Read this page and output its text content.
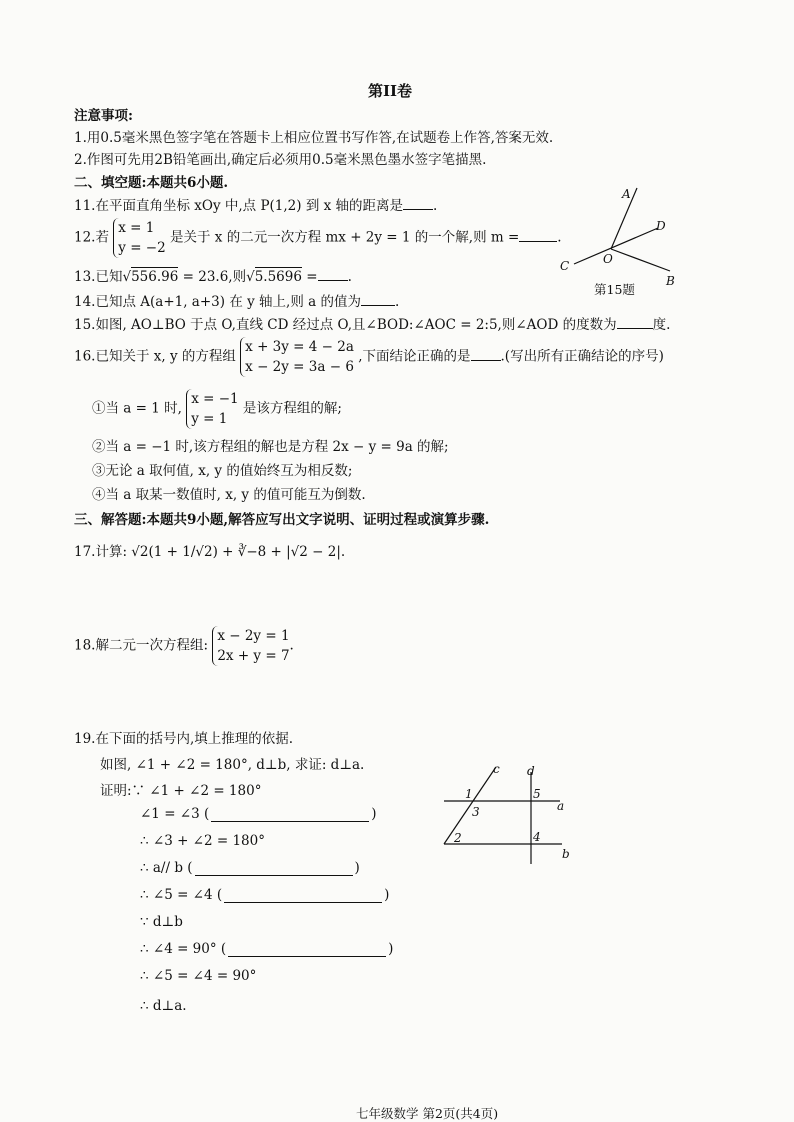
第II卷
注意事项:
1.用0.5毫米黑色签字笔在答题卡上相应位置书写作答,在试题卷上作答,答案无效.
2.作图可先用2B铅笔画出,确定后必须用0.5毫米黑色墨水签字笔描黑.
二、填空题:本题共6小题.
11.在平面直角坐标 xOy 中,点 P(1,2) 到 x 轴的距离是 .
12.若 x = 1
y = −2 是关于 x 的二元一次方程 mx + 2y = 1 的一个解,则 m =	.
13.已知√556.96 = 23.6,则√5.5696 = .
14.已知点 A(a+1, a+3) 在 y 轴上,则 a 的值为	.
15.如图, AO⊥BO 于点 O,直线 CD 经过点 O,且∠BOD:∠AOC = 2:5,则∠AOD 的度数为	度.
16.已知关于 x, y 的方程组 x + 3y = 4 − 2a
x − 2y = 3a − 6 ,下面结论正确的是 .(写出所有正确结论的序号)
①当 a = 1 时, x = −1
y = 1 是该方程组的解;
②当 a = −1 时,该方程组的解也是方程 2x − y = 9a 的解;
③无论 a 取何值, x, y 的值始终互为相反数;
④当 a 取某一数值时, x, y 的值可能互为倒数.
三、解答题:本题共9小题,解答应写出文字说明、证明过程或演算步骤.
17.计算: √2(1 + 1/√2) + ∛−8 + |√2 − 2|.
18.解二元一次方程组: x − 2y = 1
2x + y = 7.
19.在下面的括号内,填上推理的依据.
如图, ∠1 + ∠2 = 180°, d⊥b, 求证: d⊥a.
证明:∵ ∠1 + ∠2 = 180°
∠1 = ∠3 (	)
∴ ∠3 + ∠2 = 180°
∴ a// b (	)
∴ ∠5 = ∠4 (	)
∵ d⊥b
∴ ∠4 = 90° (	)
∴ ∠5 = ∠4 = 90°
∴ d⊥a.
A
D
C	O
B
第15题
c d
a
b
1
3
2
5
4
七年级数学 第2页(共4页)
